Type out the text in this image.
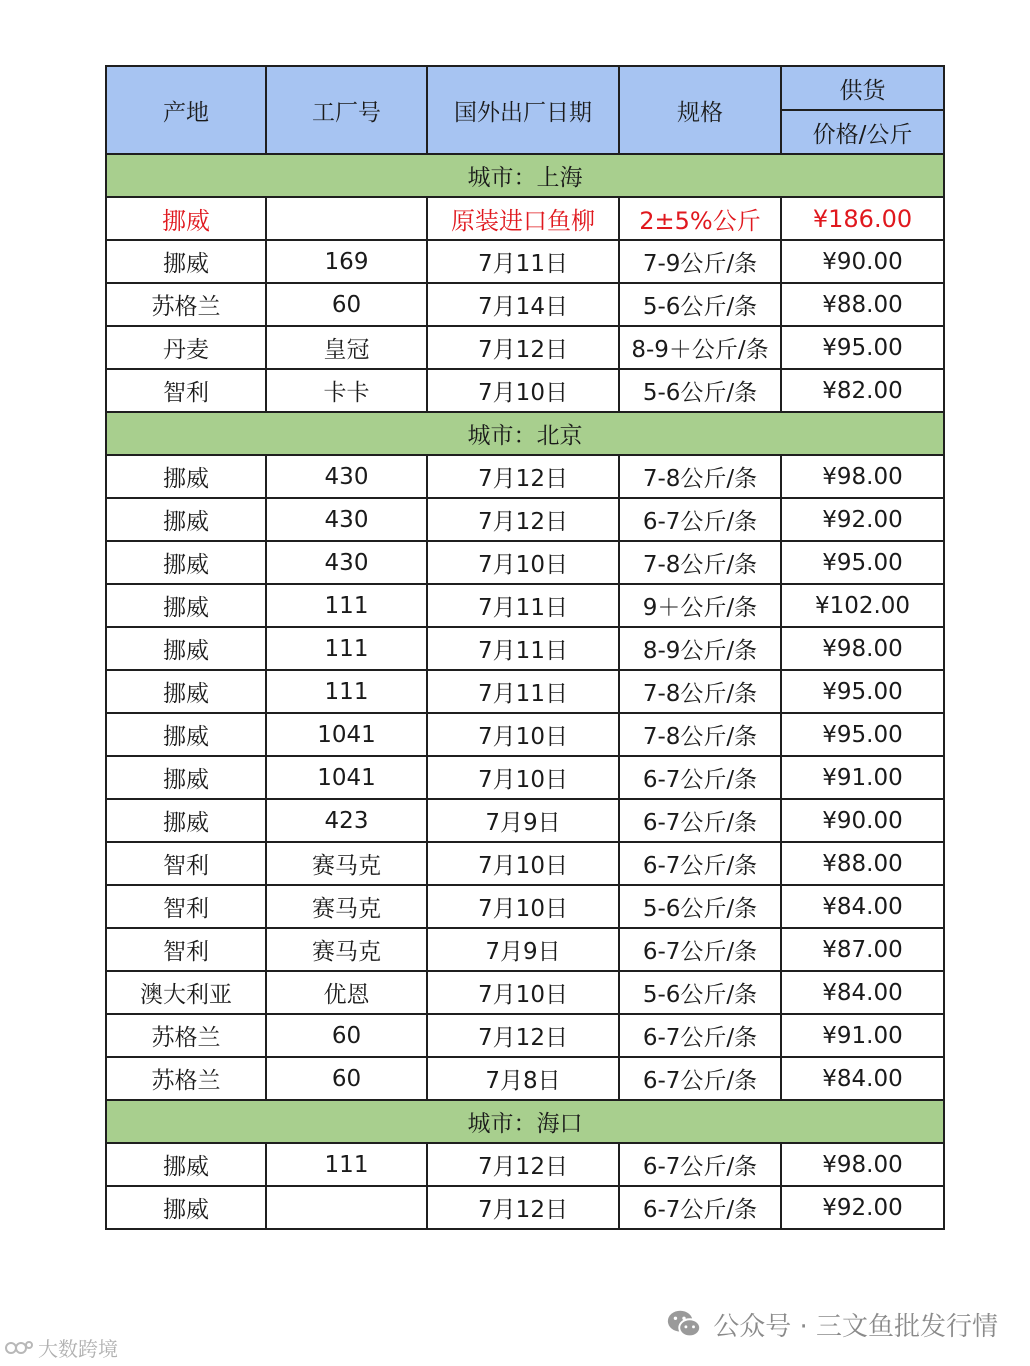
产地	工厂号	国外出厂日期	规格	供货
				价格/公斤
城市：上海				
挪威		原装进口鱼柳	2±5%公斤	¥186.00
挪威	169	7月11日	7-9公斤/条	¥90.00
苏格兰	60	7月14日	5-6公斤/条	¥88.00
丹麦	皇冠	7月12日	8-9＋公斤/条	¥95.00
智利	卡卡	7月10日	5-6公斤/条	¥82.00
城市：北京				
挪威	430	7月12日	7-8公斤/条	¥98.00
挪威	430	7月12日	6-7公斤/条	¥92.00
挪威	430	7月10日	7-8公斤/条	¥95.00
挪威	111	7月11日	9＋公斤/条	¥102.00
挪威	111	7月11日	8-9公斤/条	¥98.00
挪威	111	7月11日	7-8公斤/条	¥95.00
挪威	1041	7月10日	7-8公斤/条	¥95.00
挪威	1041	7月10日	6-7公斤/条	¥91.00
挪威	423	7月9日	6-7公斤/条	¥90.00
智利	赛马克	7月10日	6-7公斤/条	¥88.00
智利	赛马克	7月10日	5-6公斤/条	¥84.00
智利	赛马克	7月9日	6-7公斤/条	¥87.00
澳大利亚	优恩	7月10日	5-6公斤/条	¥84.00
苏格兰	60	7月12日	6-7公斤/条	¥91.00
苏格兰	60	7月8日	6-7公斤/条	¥84.00
城市：海口				
挪威	111	7月12日	6-7公斤/条	¥98.00
挪威		7月12日	6-7公斤/条	¥92.00
公众号 · 三文鱼批发行情
大数跨境
